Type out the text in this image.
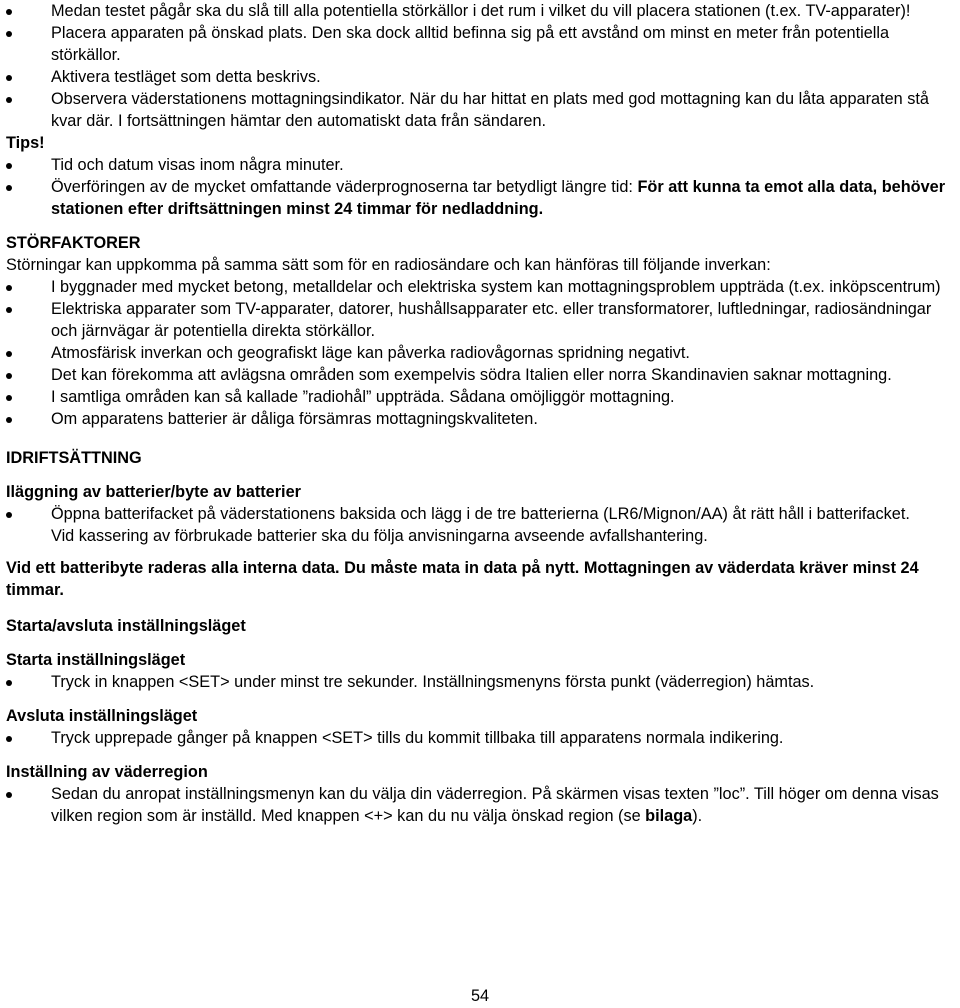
Medan testet pågår ska du slå till alla potentiella störkällor i det rum i vilket du vill placera stationen (t.ex. TV-apparater)!
Placera apparaten på önskad plats. Den ska dock alltid befinna sig på ett avstånd om minst en meter från potentiella störkällor.
Aktivera testläget som detta beskrivs.
Observera väderstationens mottagningsindikator. När du har hittat en plats med god mottagning kan du låta apparaten stå kvar där. I fortsättningen hämtar den automatiskt data från sändaren.
Tips!
Tid och datum visas inom några minuter.
Överföringen av de mycket omfattande väderprognoserna tar betydligt längre tid: För att kunna ta emot alla data, behöver stationen efter driftsättningen minst 24 timmar för nedladdning.
STÖRFAKTORER
Störningar kan uppkomma på samma sätt som för en radiosändare och kan hänföras till följande inverkan:
I byggnader med mycket betong, metalldelar och elektriska system kan mottagningsproblem uppträda (t.ex. inköpscentrum)
Elektriska apparater som TV-apparater, datorer, hushållsapparater etc. eller transformatorer, luftledningar, radiosändningar och järnvägar är potentiella direkta störkällor.
Atmosfärisk inverkan och geografiskt läge kan påverka radiovågornas spridning negativt.
Det kan förekomma att avlägsna områden som exempelvis södra Italien eller norra Skandinavien saknar mottagning.
I samtliga områden kan så kallade ”radiohål” uppträda. Sådana omöjliggör mottagning.
Om apparatens batterier är dåliga försämras mottagningskvaliteten.
IDRIFTSÄTTNING
Iläggning av batterier/byte av batterier
Öppna batterifacket på väderstationens baksida och lägg i de tre batterierna (LR6/Mignon/AA) åt rätt håll i batterifacket.
Vid kassering av förbrukade batterier ska du följa anvisningarna avseende avfallshantering.
Vid ett batteribyte raderas alla interna data. Du måste mata in data på nytt. Mottagningen av väderdata kräver minst 24 timmar.
Starta/avsluta inställningsläget
Starta inställningsläget
Tryck in knappen <SET> under minst tre sekunder. Inställningsmenyns första punkt (väderregion) hämtas.
Avsluta inställningsläget
Tryck upprepade gånger på knappen <SET> tills du kommit tillbaka till apparatens normala indikering.
Inställning av väderregion
Sedan du anropat inställningsmenyn kan du välja din väderregion. På skärmen visas texten ”loc”. Till höger om denna visas vilken region som är inställd. Med knappen <+> kan du nu välja önskad region (se bilaga).
54
